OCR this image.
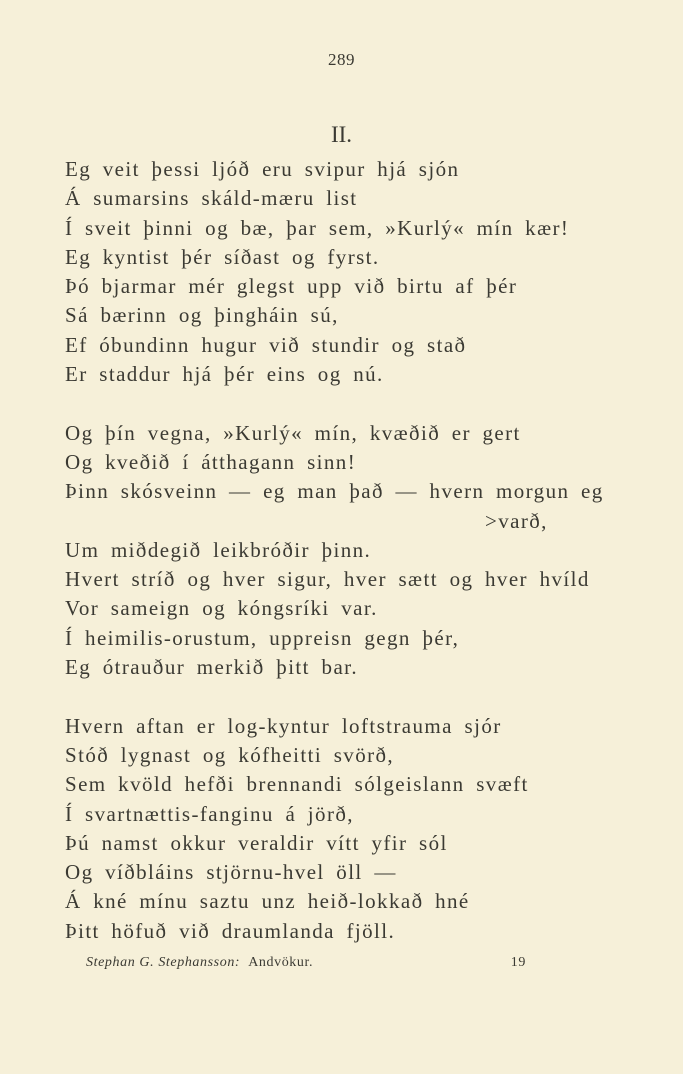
289
II.
Eg veit þessi ljóð eru svipur hjá sjón
Á sumarsins skáld-mæru list
Í sveit þinni og bæ, þar sem, »Kurlý« mín kær!
Eg kyntist þér síðast og fyrst.
Þó bjarmar mér glegst upp við birtu af þér
Sá bærinn og þingháin sú,
Ef óbundinn hugur við stundir og stað
Er staddur hjá þér eins og nú.
Og þín vegna, »Kurlý« mín, kvæðið er gert
Og kveðið í átthagann sinn!
Þinn skósveinn — eg man það — hvern morgun eg
>varð,
Um miðdegið leikbróðir þinn.
Hvert stríð og hver sigur, hver sætt og hver hvíld
Vor sameign og kóngsríki var.
Í heimilis-orustum, uppreisn gegn þér,
Eg ótrauður merkið þitt bar.
Hvern aftan er log-kyntur loftstrauma sjór
Stóð lygnast og kófheitti svörð,
Sem kvöld hefði brennandi sólgeislann svæft
Í svartnættis-fanginu á jörð,
Þú namst okkur veraldir vítt yfir sól
Og víðbláins stjörnu-hvel öll —
Á kné mínu saztu unz heið-lokkað hné
Þitt höfuð við draumlanda fjöll.
Stephan G. Stephansson: Andvökur.	19
